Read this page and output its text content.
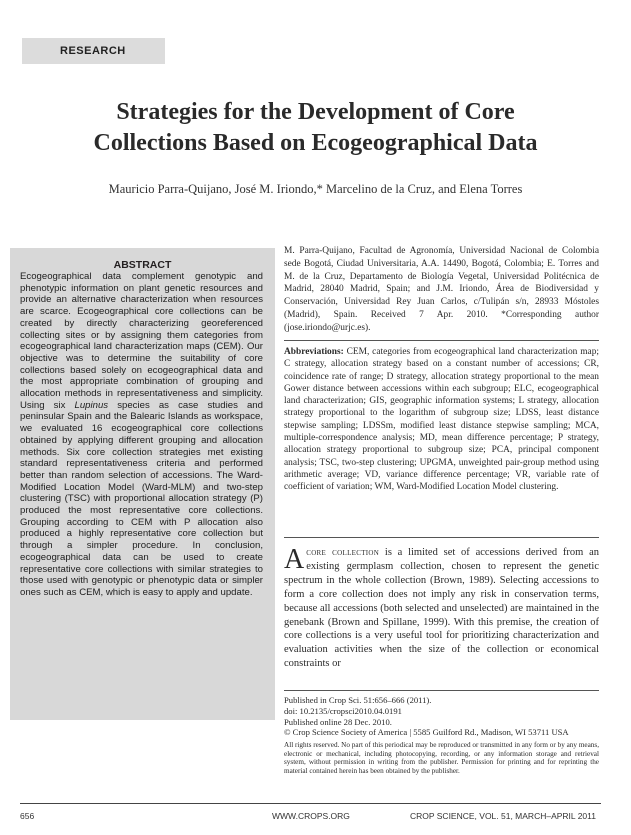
RESEARCH
Strategies for the Development of Core
Collections Based on Ecogeographical Data
Mauricio Parra-Quijano, José M. Iriondo,* Marcelino de la Cruz, and Elena Torres
ABSTRACT
Ecogeographical data complement genotypic and phenotypic information on plant genetic resources and provide an alternative characterization when resources are scarce. Ecogeographical core collections can be created by directly characterizing georeferenced collecting sites or by assigning them categories from ecogeographical land characterization maps (CEM). Our objective was to determine the suitability of core collections based solely on ecogeographical data and the most appropriate combination of grouping and allocation methods in representativeness and simplicity. Using six Lupinus species as case studies and peninsular Spain and the Balearic Islands as workspace, we evaluated 16 ecogeographical core collections obtained by applying different grouping and allocation methods. Six core collection strategies met existing standard representativeness criteria and performed better than random selection of accessions. The Ward-Modified Location Model (Ward-MLM) and two-step clustering (TSC) with proportional allocation strategy (P) produced the most representative core collections. Grouping according to CEM with P allocation also produced a highly representative core collection but through a simpler procedure. In conclusion, ecogeographical data can be used to create representative core collections with similar strategies to those used with genotypic or phenotypic data or simpler ones such as CEM, which is easy to apply and update.
M. Parra-Quijano, Facultad de Agronomía, Universidad Nacional de Colombia sede Bogotá, Ciudad Universitaria, A.A. 14490, Bogotá, Colombia; E. Torres and M. de la Cruz, Departamento de Biología Vegetal, Universidad Politécnica de Madrid, 28040 Madrid, Spain; and J.M. Iriondo, Área de Biodiversidad y Conservación, Universidad Rey Juan Carlos, c/Tulipán s/n, 28933 Móstoles (Madrid), Spain. Received 7 Apr. 2010. *Corresponding author (jose.iriondo@urjc.es).
Abbreviations: CEM, categories from ecogeographical land characterization map; C strategy, allocation strategy based on a constant number of accessions; CR, coincidence rate of range; D strategy, allocation strategy proportional to the mean Gower distance between accessions within each subgroup; ELC, ecogeographical land characterization; GIS, geographic information systems; L strategy, allocation strategy proportional to the logarithm of subgroup size; LDSS, least distance stepwise sampling; LDSSm, modified least distance stepwise sampling; MCA, multiple-correspondence analysis; MD, mean difference percentage; P strategy, allocation strategy proportional to subgroup size; PCA, principal component analysis; TSC, two-step clustering; UPGMA, unweighted pair-group method using arithmetic average; VD, variance difference percentage; VR, variable rate of coefficient of variation; WM, Ward-Modified Location Model clustering.
Acore collection is a limited set of accessions derived from an existing germplasm collection, chosen to represent the genetic spectrum in the whole collection (Brown, 1989). Selecting accessions to form a core collection does not imply any risk in conservation terms, because all accessions (both selected and unselected) are maintained in the genebank (Brown and Spillane, 1999). With this premise, the creation of core collections is a very useful tool for prioritizing characterization and evaluation activities when the size of the collection or economical constraints or
Published in Crop Sci. 51:656–666 (2011).
doi: 10.2135/cropsci2010.04.0191
Published online 28 Dec. 2010.
© Crop Science Society of America | 5585 Guilford Rd., Madison, WI 53711 USA
All rights reserved. No part of this periodical may be reproduced or transmitted in any form or by any means, electronic or mechanical, including photocopying, recording, or any information storage and retrieval system, without permission in writing from the publisher. Permission for printing and for reprinting the material contained herein has been obtained by the publisher.
656	WWW.CROPS.ORG	CROP SCIENCE, VOL. 51, MARCH–APRIL 2011
